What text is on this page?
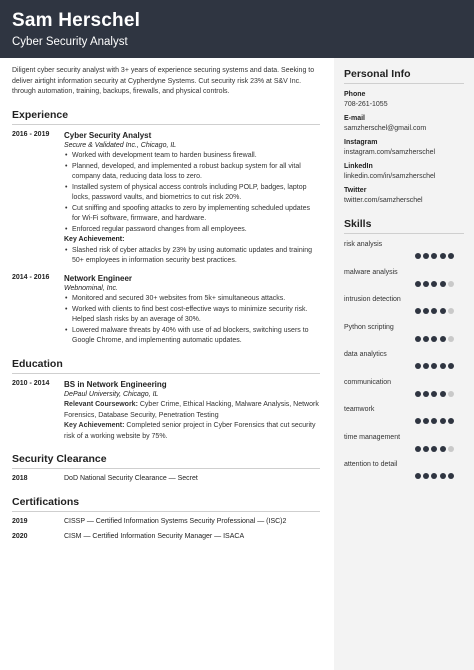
Sam Herschel
Cyber Security Analyst

Diligent cyber security analyst with 3+ years of experience securing systems and data. Seeking to deliver airtight information security at Cypherdyne Systems. Cut security risk 23% at S&V Inc. through automation, training, backups, firewalls, and physical controls.

Experience
2016 - 2019	Cyber Security Analyst
Secure & Validated Inc., Chicago, IL
• Worked with development team to harden business firewall.
• Planned, developed, and implemented a robust backup system for all vital company data, reducing data loss to zero.
• Installed system of physical access controls including POLP, badges, laptop locks, password vaults, and biometrics to cut risk 20%.
• Cut sniffing and spoofing attacks to zero by implementing scheduled updates for Wi-Fi software, firmware, and hardware.
• Enforced regular password changes from all employees.
Key Achievement:
• Slashed risk of cyber attacks by 23% by using automatic updates and training 50+ employees in information security best practices.
2014 - 2016	Network Engineer
Webnominal, Inc.
• Monitored and secured 30+ websites from 5k+ simultaneous attacks.
• Worked with clients to find best cost-effective ways to minimize security risk. Helped slash risks by an average of 30%.
• Lowered malware threats by 40% with use of ad blockers, switching users to Google Chrome, and implementing automatic updates.
Education
2010 - 2014	BS in Network Engineering
DePaul University, Chicago, IL
Relevant Coursework: Cyber Crime, Ethical Hacking, Malware Analysis, Network Forensics, Database Security, Penetration Testing
Key Achievement: Completed senior project in Cyber Forensics that cut security risk of a working website by 75%.
Security Clearance
2018	DoD National Security Clearance — Secret
Certifications
2019	CISSP — Certified Information Systems Security Professional — (ISC)2
2020	CISM — Certified Information Security Manager — ISACA
Personal Info
Phone
708-261-1055
E-mail
samzherschel@gmail.com
Instagram
instagram.com/samzherschel
LinkedIn
linkedin.com/in/samzherschel
Twitter
twitter.com/samzherschel
Skills
risk analysis
malware analysis
intrusion detection
Python scripting
data analytics
communication
teamwork
time management
attention to detail
